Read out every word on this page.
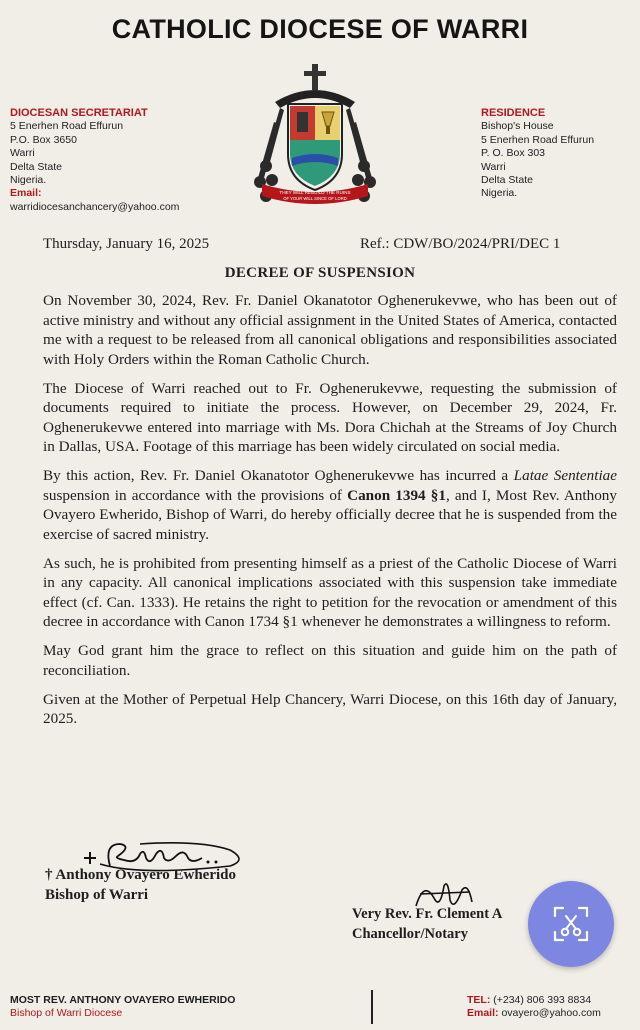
CATHOLIC DIOCESE OF WARRI
DIOCESAN SECRETARIAT
5 Enerhen Road Effurun
P.O. Box 3650
Warri
Delta State
Nigeria.
Email:
warridiocesanchancery@yahoo.com
THEY WILL REBUILD THE RUINS
OF YOUR WILL SINCE OF LORD
RESIDENCE
Bishop's House
5 Enerhen Road Effurun
P. O. Box 303
Warri
Delta State
Nigeria.
Thursday, January 16, 2025	Ref.: CDW/BO/2024/PRI/DEC 1
DECREE OF SUSPENSION

On November 30, 2024, Rev. Fr. Daniel Okanatotor Oghenerukevwe, who has been out of active ministry and without any official assignment in the United States of America, contacted me with a request to be released from all canonical obligations and responsibilities associated with Holy Orders within the Roman Catholic Church.

The Diocese of Warri reached out to Fr. Oghenerukevwe, requesting the submission of documents required to initiate the process. However, on December 29, 2024, Fr. Oghenerukevwe entered into marriage with Ms. Dora Chichah at the Streams of Joy Church in Dallas, USA. Footage of this marriage has been widely circulated on social media.

By this action, Rev. Fr. Daniel Okanatotor Oghenerukevwe has incurred a Latae Sententiae suspension in accordance with the provisions of Canon 1394 §1, and I, Most Rev. Anthony Ovayero Ewherido, Bishop of Warri, do hereby officially decree that he is suspended from the exercise of sacred ministry.

As such, he is prohibited from presenting himself as a priest of the Catholic Diocese of Warri in any capacity. All canonical implications associated with this suspension take immediate effect (cf. Can. 1333). He retains the right to petition for the revocation or amendment of this decree in accordance with Canon 1734 §1 whenever he demonstrates a willingness to reform.

May God grant him the grace to reflect on this situation and guide him on the path of reconciliation.

Given at the Mother of Perpetual Help Chancery, Warri Diocese, on this 16th day of January, 2025.

† Anthony Ovayero Ewherido
Bishop of Warri
Very Rev. Fr. Clement A
Chancellor/Notary
MOST REV. ANTHONY OVAYERO EWHERIDO
Bishop of Warri Diocese
TEL: (+234) 806 393 8834
Email: ovayero@yahoo.com
